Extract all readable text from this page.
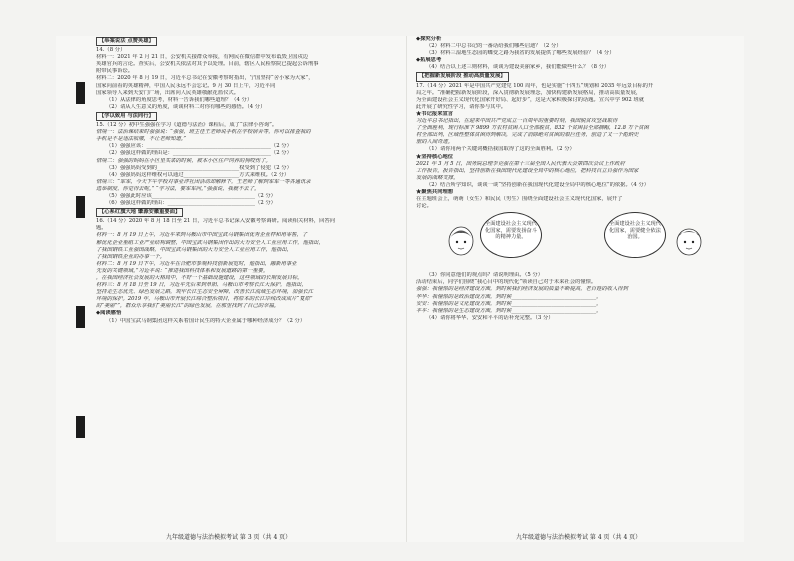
【举案说法 点赞英雄】
14.（8 分）
材料一：2021 年 2 月 21 日，公安机关接群众举报，有网民在微信群中发布诋毁卫国戍边
英雄官兵的言论。查实后，公安机关依法对其予以处理。目前，辖区人民检察院已提起公诉刑事
附带民事诉讼。
材料二：2020 年 8 月 19 日，习近平总书记在安徽考察时指出，宁国坚持“舍小家为大家”，
国家向前看的英雄精神，中国人民永远不会忘记。9 月 30 日上午，习近平同
国家领导人来到天安门广场，出席向人民英雄敬献花篮仪式。
（1）从法律的角度思考，材料一告诉我们哪些道理？（4 分）
（2）请从人生意义的角度，谈谈材料二对你有哪些的感悟。（4 分）
【学以致用 与法同行】
15.（12 分）初中生强强在学习《道德与法治》课程后，成了“法律小咨询”。
情境一：法治课结束时强强说：“强强，班主任王老师说手机在学校宿舍等，你可以排查我的
手机是不是违法收缴，不让老师知道。”
（1）强强应该：_______________________________________________（2 分）
（2）强强这样做的理由是：_____________________________________（2 分）
情境二：强强的妈妈在小区里买菜的时候，被本小区住户饲养的狗咬伤了。
（3）强强妈妈受到的_______________________________权受到了侵犯（2 分）
（4）强强妈妈这样维权可以通过_____________________方式来维权。（2 分）
情境三：“军军，今天下午学校对事业评社团活动却解释下，王老师了解到军军一等各通讯录
选举制度，你觉得去呢。” “学习法，要军军问。”强强说，我就不去了。
（5）强强此时应该_______________________________________（2 分）
（6）强强这样做的理由：_________________________________（2 分）
【心系红旗大地 肇源安徽重要面】
16.（14 分）2020 年 8 月 18 日至 21 日，习近平总书记深入安徽考察调研。阅读相关材料，回答问
题。
材料一：8 月 19 日上午，习近平来到马鞍山市中国宝武马钢集团优秀企业样和用零售，了
解优化企业重组工业产业结构调整，中国宝武马钢集团作出的大力安全人工业应用工作，他指出，
了我国钢铁工业强国战略，中国宝武马钢集团的大力安全人工业应用工作，他指出，
了我国钢铁企业的办事一个。
材料二：8 月 19 日下午，习近平在合肥市参观科技创新展览时，他指出，融新用事业
先发的关键领域。”习近平说：“推进我国科技体系和发展道路的第一重要。
，在我国经济社会发展的大格局中，不好一个基础设施建设，这些领域的长期发展目标。
材料三：8 月 18 日至 19 日，习近平先后来到阜阳、马鞍山市考察长江大保护，他指出，
坚持走生态优先、绿色发展之路，筑牢长江生态安全屏障，改善长江流域生态环境，加强长江
环境的保护。2019 年，马鞍山市开展长江综合整治项目，将原本的长江岸线改成成片“复原”
的“美丽””，群众乐享我们“美丽长江”的绿色发展，在那里找到了自己的幸福。
◆阅读感悟
（1）中国宝武马钢集团这样关系着国计民生的特大企业属于哪种经济成分？（2 分）
◆探究分析
（2）材料二中总书记的一番话给我们哪些启迪？（2 分）
（3）材料三湿地生态园的蝶变之路为我省的发展提供了哪些发展经验？（4 分）
◆拓展思考
（4）结合以上述三则材料，谈谈为建设美丽家乡，我们能做些什么？（8 分）
【把握新发展阶段 推动高质量发展】
17.（14 分）2021 年是中国共产党建党 100 周年，也是实施“十四五”规划和 2035 年远景目标的开
局之年。“准确把握新发展阶段，深入贯彻新发展理念，加快构建新发展格局，推动高质量发展，
为全面建设社会主义现代化国家开好局、起好步”，这是大家积极探讨的话题。宣兴中学 902 班就
此开展了研究性学习，请你参与其中。
★书记报来宣言
习近平总书记指出，在迎来中国共产党成立一百周年的重要时刻，我国脱贫攻坚战取得
了全面胜利，现行标准下 9899 万农村贫困人口全部脱贫，832 个贫困县全部摘帽，12.8 万个贫困
村全部出列，区域性整体贫困得到解决，完成了消除绝对贫困的艰巨任务，创造了又一个彪炳史
册的人间奇迹。
（1）请你用两个关键词概括我国取得了这的全面胜利。（2 分）
★坚持核心地位
2021 年 3 月 5 日，国务院总理李克强在第十三届全国人民代表大会第四次会议上作政府
工作报告。报告指出，坚持创新在我国现代化建设全局中的核心地位，把科技自立自强作为国家
发展的战略支撑。
（2）结合所学知识，谈谈一谈“坚持创新在我国现代化建设全局中的核心地位”的依据。（4 分）
★聚焦共同理想
在主题班会上，萌萌（女生）和民民（男生）围绕全面建设社会主义现代化国家，展开了
讨论。
全面建设社会主义现代化国家，需要发扬奋斗的精神力量。
全面建设社会主义现代化国家，需要健全依法治国。
（3）你同意他们的观点吗？请说明理由。（5 分）
活动结束后，同学们围绕“我心目中的现代化”领读自己对于未来社会的憧憬。
强强：我憧憬的是经济建设方面，到时候我们经济发展的质量不断提高，老百姓的收入得到
华华：我憧憬的是政治建设方面，到时候________________________________。
安安：我憧憬的是文化建设方面，到时候________________________________。
平平：我憧憬的是生态建设方面，到时候________________________________。
（4）请你将华华、安安和平平的话补充完整。（3 分）
九年级道德与法治模拟考试 第 3 页（共 4 页）	九年级道德与法治模拟考试 第 4 页（共 4 页）
